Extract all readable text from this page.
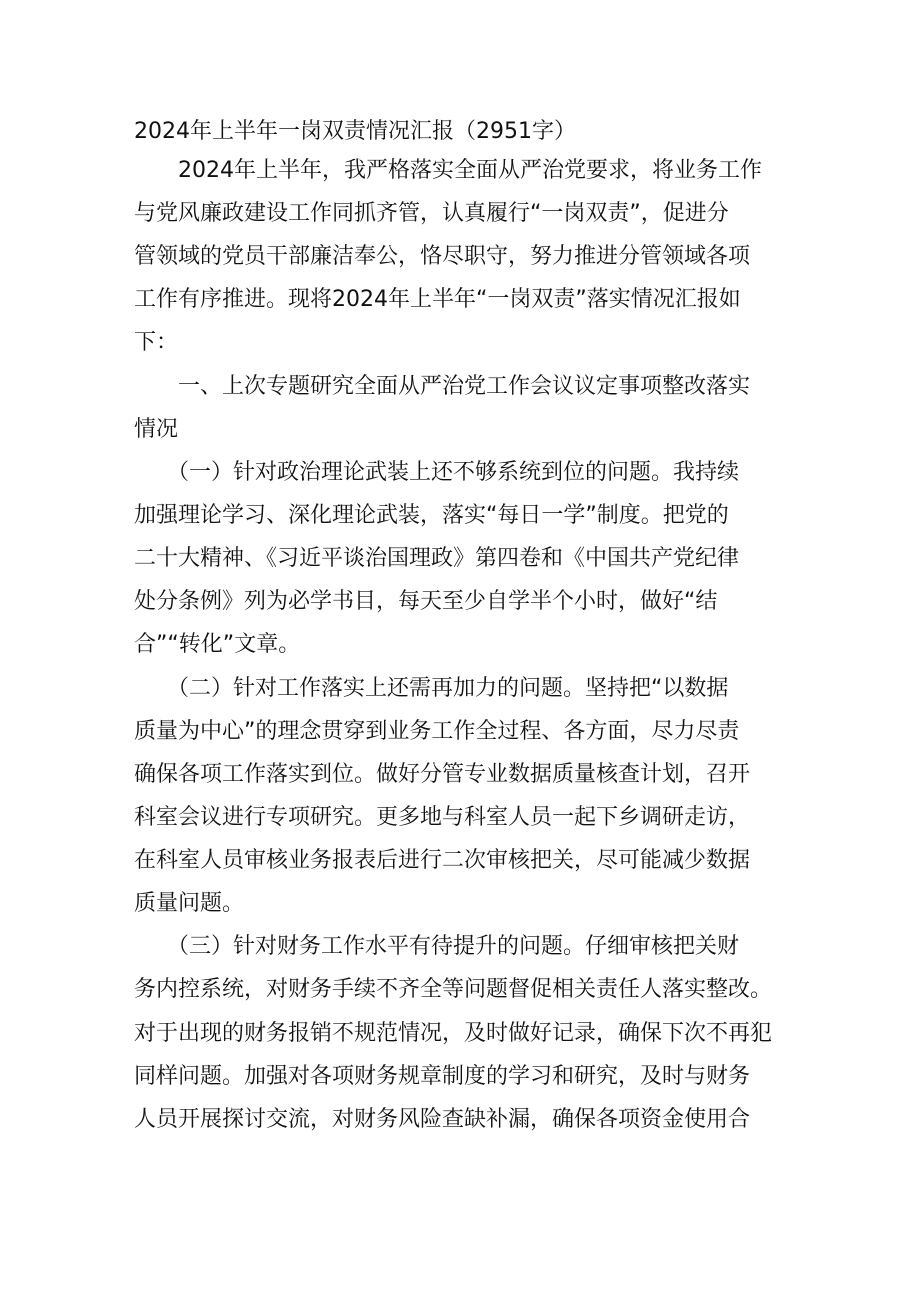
2024年上半年一岗双责情况汇报（2951字）
　　2024年上半年，我严格落实全面从严治党要求，将业务工作
与党风廉政建设工作同抓齐管，认真履行“一岗双责”，促进分
管领域的党员干部廉洁奉公，恪尽职守，努力推进分管领域各项
工作有序推进。现将2024年上半年“一岗双责”落实情况汇报如
下：
　　一、上次专题研究全面从严治党工作会议议定事项整改落实
情况
　　（一）针对政治理论武装上还不够系统到位的问题。我持续
加强理论学习、深化理论武装，落实“每日一学”制度。把党的
二十大精神、《习近平谈治国理政》第四卷和《中国共产党纪律
处分条例》列为必学书目，每天至少自学半个小时，做好“结
合”“转化”文章。
　　（二）针对工作落实上还需再加力的问题。坚持把“以数据
质量为中心”的理念贯穿到业务工作全过程、各方面，尽力尽责
确保各项工作落实到位。做好分管专业数据质量核查计划，召开
科室会议进行专项研究。更多地与科室人员一起下乡调研走访，
在科室人员审核业务报表后进行二次审核把关，尽可能减少数据
质量问题。
　　（三）针对财务工作水平有待提升的问题。仔细审核把关财
务内控系统，对财务手续不齐全等问题督促相关责任人落实整改。
对于出现的财务报销不规范情况，及时做好记录，确保下次不再犯
同样问题。加强对各项财务规章制度的学习和研究，及时与财务
人员开展探讨交流，对财务风险查缺补漏，确保各项资金使用合
